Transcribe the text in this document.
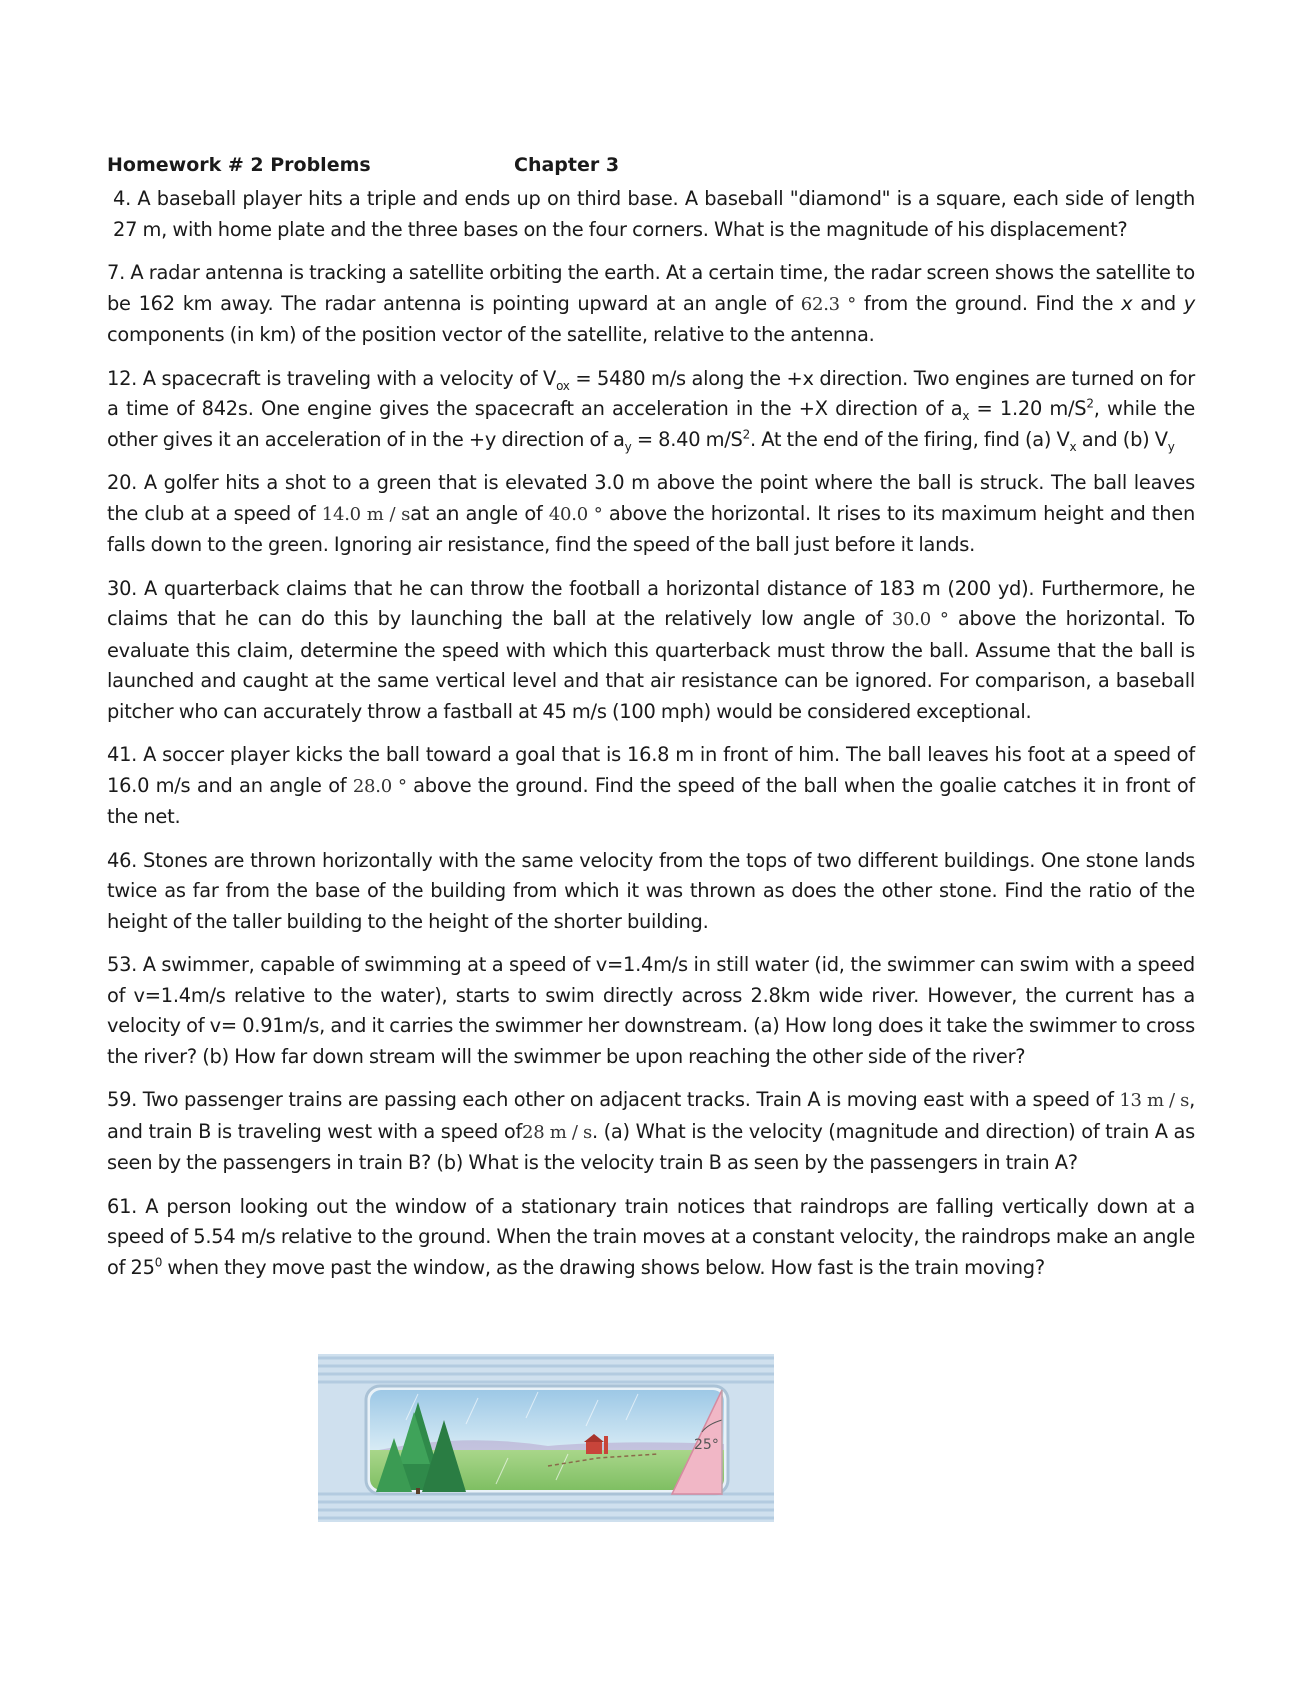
Homework # 2 Problems	Chapter 3

4. A baseball player hits a triple and ends up on third base. A baseball "diamond" is a square, each side of length 27 m, with home plate and the three bases on the four corners. What is the magnitude of his displacement?

7. A radar antenna is tracking a satellite orbiting the earth. At a certain time, the radar screen shows the satellite to be 162 km away. The radar antenna is pointing upward at an angle of 62.3 ° from the ground. Find the x and y components (in km) of the position vector of the satellite, relative to the antenna.

12. A spacecraft is traveling with a velocity of $V_{ox} = 5480$ m/s along the +x direction. Two engines are turned on for a time of 842s. One engine gives the spacecraft an acceleration in the +X direction of $a_x = 1.20$ $m/S^2$, while the other gives it an acceleration of in the +y direction of $a_y = 8.40$ $m/S^2$. At the end of the firing, find (a) $V_x$ and (b) $V_y$

20. A golfer hits a shot to a green that is elevated 3.0 m above the point where the ball is struck. The ball leaves the club at a speed of 14.0 m / sat an angle of 40.0 ° above the horizontal. It rises to its maximum height and then falls down to the green. Ignoring air resistance, find the speed of the ball just before it lands.

30. A quarterback claims that he can throw the football a horizontal distance of 183 m (200 yd). Furthermore, he claims that he can do this by launching the ball at the relatively low angle of 30.0 ° above the horizontal. To evaluate this claim, determine the speed with which this quarterback must throw the ball. Assume that the ball is launched and caught at the same vertical level and that air resistance can be ignored. For comparison, a baseball pitcher who can accurately throw a fastball at 45 m/s (100 mph) would be considered exceptional.

41. A soccer player kicks the ball toward a goal that is 16.8 m in front of him. The ball leaves his foot at a speed of 16.0 m/s and an angle of 28.0 ° above the ground. Find the speed of the ball when the goalie catches it in front of the net.

46. Stones are thrown horizontally with the same velocity from the tops of two different buildings. One stone lands twice as far from the base of the building from which it was thrown as does the other stone. Find the ratio of the height of the taller building to the height of the shorter building.

53. A swimmer, capable of swimming at a speed of v=1.4m/s in still water (id, the swimmer can swim with a speed of v=1.4m/s relative to the water), starts to swim directly across 2.8km wide river. However, the current has a velocity of v= 0.91m/s, and it carries the swimmer her downstream. (a) How long does it take the swimmer to cross the river? (b) How far down stream will the swimmer be upon reaching the other side of the river?

59. Two passenger trains are passing each other on adjacent tracks. Train A is moving east with a speed of 13 m / s, and train B is traveling west with a speed of28 m / s. (a) What is the velocity (magnitude and direction) of train A as seen by the passengers in train B? (b) What is the velocity train B as seen by the passengers in train A?

61. A person looking out the window of a stationary train notices that raindrops are falling vertically down at a speed of 5.54 m/s relative to the ground. When the train moves at a constant velocity, the raindrops make an angle of $25^0$ when they move past the window, as the drawing shows below. How fast is the train moving?

25°
